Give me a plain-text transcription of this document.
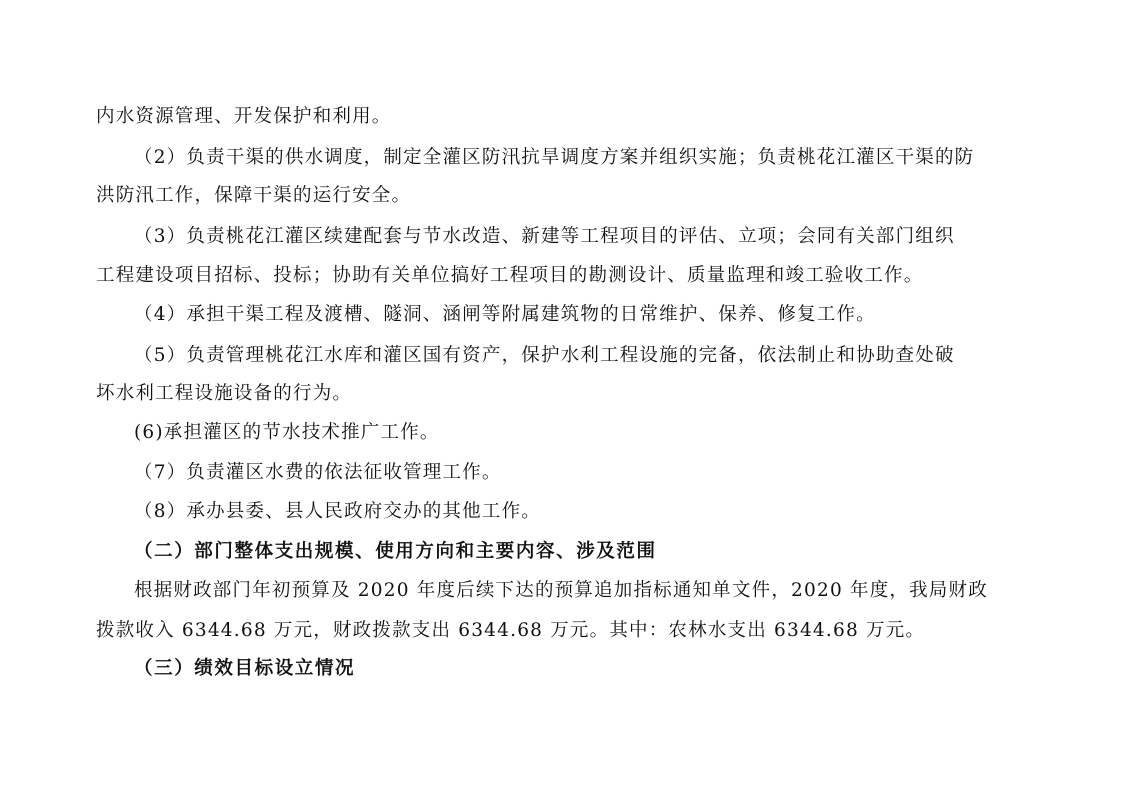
内水资源管理、开发保护和利用。
（2）负责干渠的供水调度，制定全灌区防汛抗旱调度方案并组织实施；负责桃花江灌区干渠的防
洪防汛工作，保障干渠的运行安全。
（3）负责桃花江灌区续建配套与节水改造、新建等工程项目的评估、立项；会同有关部门组织
工程建设项目招标、投标；协助有关单位搞好工程项目的勘测设计、质量监理和竣工验收工作。
（4）承担干渠工程及渡槽、隧洞、涵闸等附属建筑物的日常维护、保养、修复工作。
（5）负责管理桃花江水库和灌区国有资产，保护水利工程设施的完备，依法制止和协助查处破
坏水利工程设施设备的行为。
(6)承担灌区的节水技术推广工作。
（7）负责灌区水费的依法征收管理工作。
（8）承办县委、县人民政府交办的其他工作。
（二）部门整体支出规模、使用方向和主要内容、涉及范围
根据财政部门年初预算及 2020 年度后续下达的预算追加指标通知单文件，2020 年度，我局财政
拨款收入 6344.68 万元，财政拨款支出 6344.68 万元。其中：农林水支出 6344.68 万元。
（三）绩效目标设立情况
